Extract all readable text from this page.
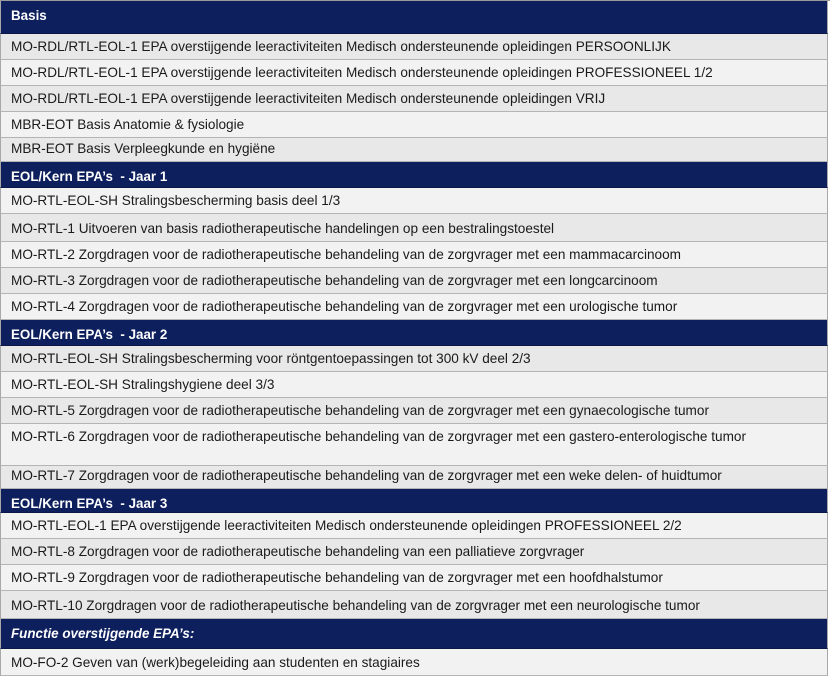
Basis
MO-RDL/RTL-EOL-1 EPA overstijgende leeractiviteiten Medisch ondersteunende opleidingen PERSOONLIJK
MO-RDL/RTL-EOL-1 EPA overstijgende leeractiviteiten Medisch ondersteunende opleidingen PROFESSIONEEL 1/2
MO-RDL/RTL-EOL-1 EPA overstijgende leeractiviteiten Medisch ondersteunende opleidingen VRIJ
MBR-EOT Basis Anatomie & fysiologie
MBR-EOT Basis Verpleegkunde en hygiëne
EOL/Kern EPA’s  - Jaar 1
MO-RTL-EOL-SH Stralingsbescherming basis deel 1/3
MO-RTL-1 Uitvoeren van basis radiotherapeutische handelingen op een bestralingstoestel
MO-RTL-2 Zorgdragen voor de radiotherapeutische behandeling van de zorgvrager met een mammacarcinoom
MO-RTL-3 Zorgdragen voor de radiotherapeutische behandeling van de zorgvrager met een longcarcinoom
MO-RTL-4 Zorgdragen voor de radiotherapeutische behandeling van de zorgvrager met een urologische tumor
EOL/Kern EPA’s  - Jaar 2
MO-RTL-EOL-SH Stralingsbescherming voor röntgentoepassingen tot 300 kV deel 2/3
MO-RTL-EOL-SH Stralingshygiene deel 3/3
MO-RTL-5 Zorgdragen voor de radiotherapeutische behandeling van de zorgvrager met een gynaecologische tumor
MO-RTL-6 Zorgdragen voor de radiotherapeutische behandeling van de zorgvrager met een gastero-enterologische tumor
MO-RTL-7 Zorgdragen voor de radiotherapeutische behandeling van de zorgvrager met een weke delen- of huidtumor
EOL/Kern EPA’s  - Jaar 3
MO-RTL-EOL-1 EPA overstijgende leeractiviteiten Medisch ondersteunende opleidingen PROFESSIONEEL 2/2
MO-RTL-8 Zorgdragen voor de radiotherapeutische behandeling van een palliatieve zorgvrager
MO-RTL-9 Zorgdragen voor de radiotherapeutische behandeling van de zorgvrager met een hoofdhalstumor
MO-RTL-10 Zorgdragen voor de radiotherapeutische behandeling van de zorgvrager met een neurologische tumor
Functie overstijgende EPA’s:
MO-FO-2 Geven van (werk)begeleiding aan studenten en stagiaires
